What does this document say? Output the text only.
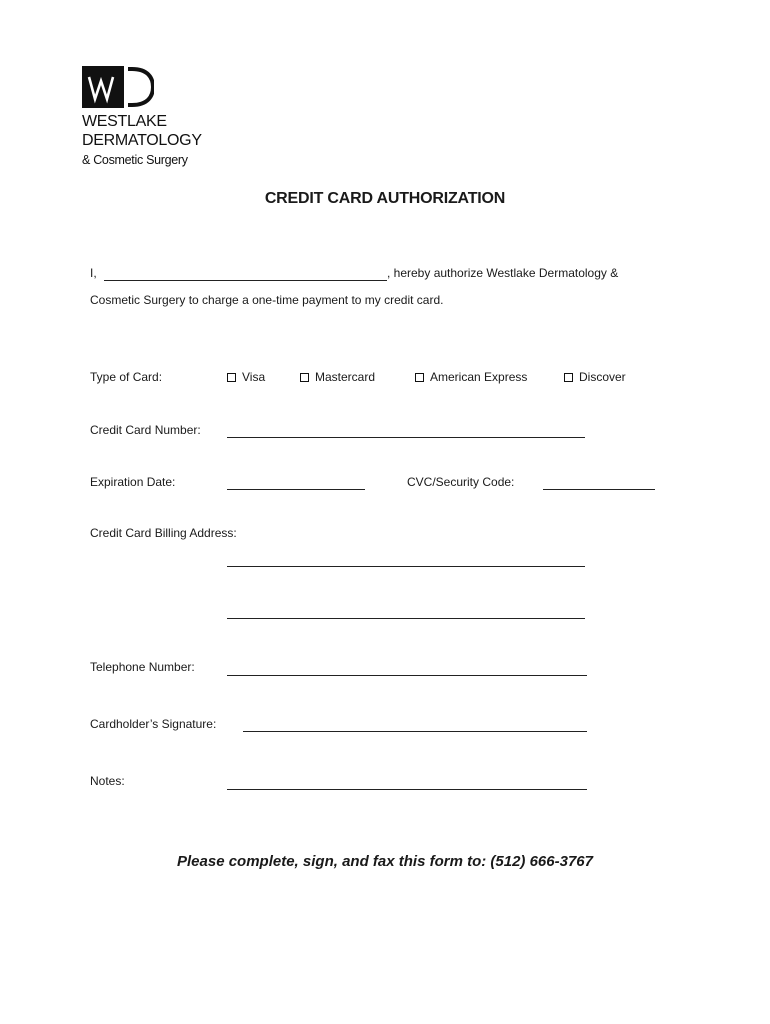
WESTLAKE
DERMATOLOGY
& Cosmetic Surgery
CREDIT CARD AUTHORIZATION
I,	, hereby authorize Westlake Dermatology &
Cosmetic Surgery to charge a one-time payment to my credit card.
Type of Card:	Visa	Mastercard	American Express	Discover
Credit Card Number:
Expiration Date:	CVC/Security Code:
Credit Card Billing Address:
Telephone Number:
Cardholder’s Signature:
Notes:
Please complete, sign, and fax this form to: (512) 666-3767
